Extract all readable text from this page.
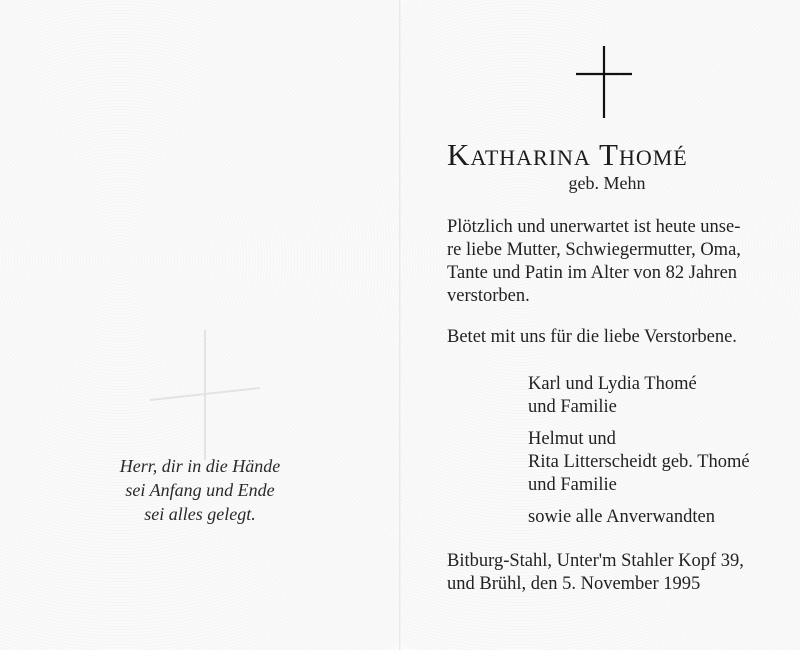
Herr, dir in die Hände
sei Anfang und Ende
sei alles gelegt.
Katharina Thomé
geb. Mehn
Plötzlich und unerwartet ist heute unse-
re liebe Mutter, Schwiegermutter, Oma,
Tante und Patin im Alter von 82 Jahren
verstorben.
Betet mit uns für die liebe Verstorbene.
Karl und Lydia Thomé
und Familie
Helmut und
Rita Litterscheidt geb. Thomé
und Familie
sowie alle Anverwandten
Bitburg-Stahl, Unter'm Stahler Kopf 39,
und Brühl, den 5. November 1995
